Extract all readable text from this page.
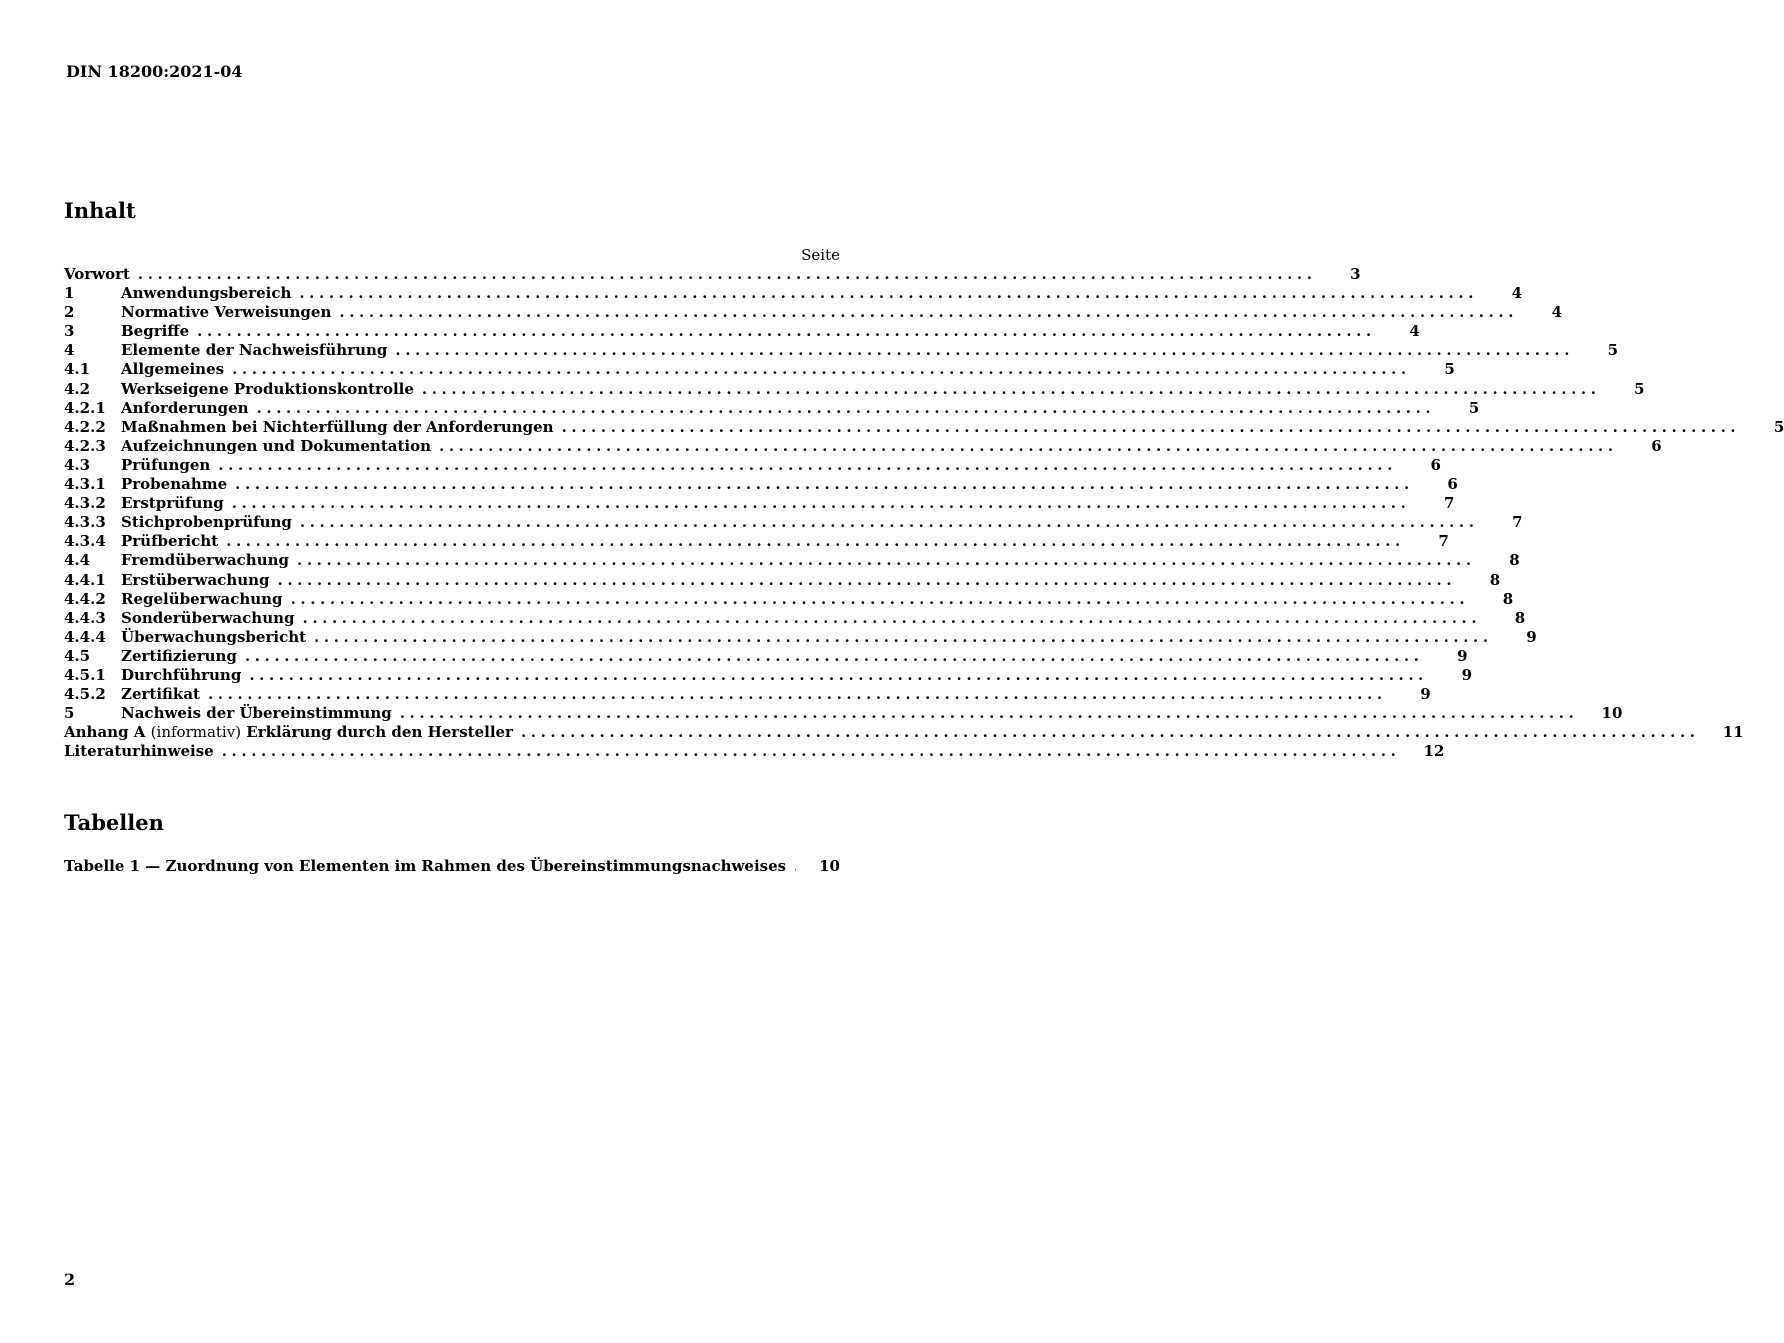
DIN 18200:2021-04
Inhalt
Seite
Vorwort ........................................................................................................................	3
1	Anwendungsbereich ........................................................................................................................	4
2	Normative Verweisungen ........................................................................................................................	4
3	Begriffe ........................................................................................................................	4
4	Elemente der Nachweisführung ........................................................................................................................	5
4.1	Allgemeines ........................................................................................................................	5
4.2	Werkseigene Produktionskontrolle ........................................................................................................................	5
4.2.1	Anforderungen ........................................................................................................................	5
4.2.2	Maßnahmen bei Nichterfüllung der Anforderungen ........................................................................................................................	5
4.2.3	Aufzeichnungen und Dokumentation ........................................................................................................................	6
4.3	Prüfungen ........................................................................................................................	6
4.3.1	Probenahme ........................................................................................................................	6
4.3.2	Erstprüfung ........................................................................................................................	7
4.3.3	Stichprobenprüfung ........................................................................................................................	7
4.3.4	Prüfbericht ........................................................................................................................	7
4.4	Fremdüberwachung ........................................................................................................................	8
4.4.1	Erstüberwachung ........................................................................................................................	8
4.4.2	Regelüberwachung ........................................................................................................................	8
4.4.3	Sonderüberwachung ........................................................................................................................	8
4.4.4	Überwachungsbericht ........................................................................................................................	9
4.5	Zertifizierung ........................................................................................................................	9
4.5.1	Durchführung ........................................................................................................................	9
4.5.2	Zertifikat ........................................................................................................................	9
5	Nachweis der Übereinstimmung ........................................................................................................................	10
Anhang A (informativ) Erklärung durch den Hersteller ........................................................................................................................	11
Literaturhinweise ........................................................................................................................	12
Tabellen
Tabelle 1 — Zuordnung von Elementen im Rahmen des Übereinstimmungsnachweises	10
2
